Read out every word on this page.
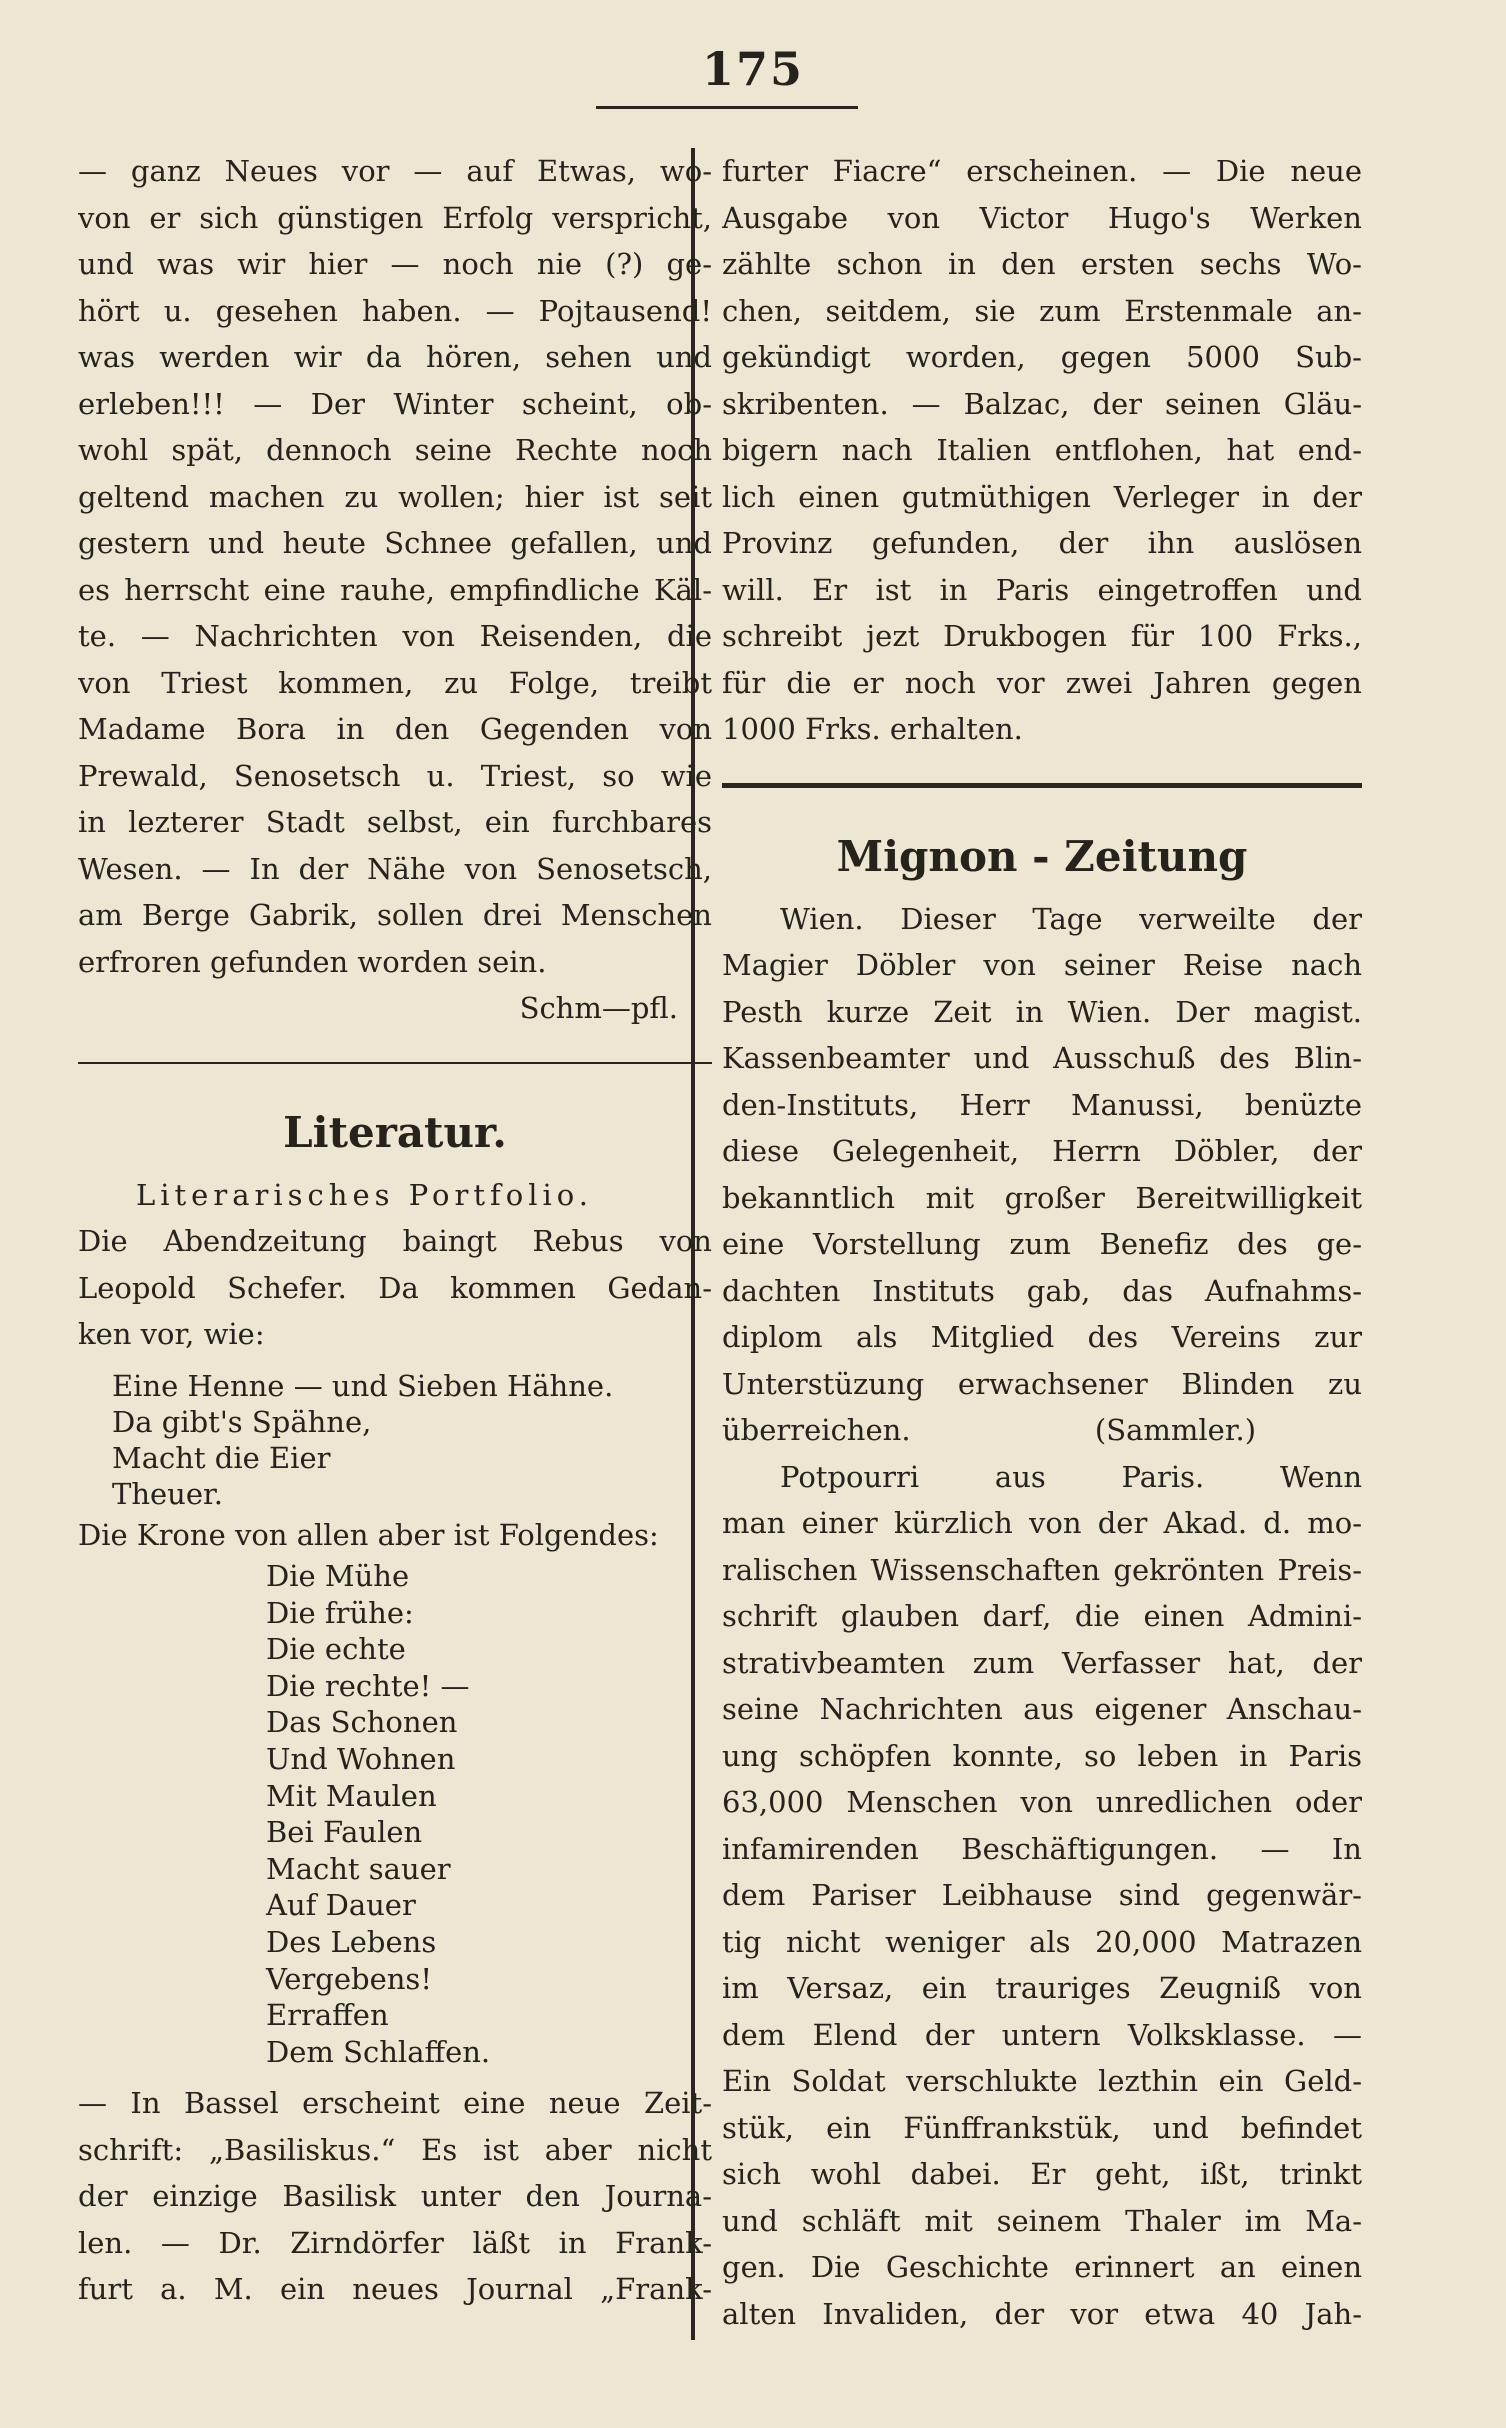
175
— ganz Neues vor — auf Etwas, wo-
von er sich günstigen Erfolg verspricht,
und was wir hier — noch nie (?) ge-
hört u. gesehen haben. — Pojtausend!
was werden wir da hören, sehen und
erleben!!! — Der Winter scheint, ob-
wohl spät, dennoch seine Rechte noch
geltend machen zu wollen; hier ist seit
gestern und heute Schnee gefallen, und
es herrscht eine rauhe, empfindliche Käl-
te. — Nachrichten von Reisenden, die
von Triest kommen, zu Folge, treibt
Madame Bora in den Gegenden von
Prewald, Senosetsch u. Triest, so wie
in lezterer Stadt selbst, ein furchbares
Wesen. — In der Nähe von Senosetsch,
am Berge Gabrik, sollen drei Menschen
erfroren gefunden worden sein.
Schm—pfl.
Literatur.
Literarisches Portfolio.
Die Abendzeitung baingt Rebus von
Leopold Schefer. Da kommen Gedan-
ken vor, wie:
Eine Henne — und Sieben Hähne.
Da gibt's Spähne,
Macht die Eier
Theuer.
Die Krone von allen aber ist Folgendes:
Die Mühe
Die frühe:
Die echte
Die rechte! —
Das Schonen
Und Wohnen
Mit Maulen
Bei Faulen
Macht sauer
Auf Dauer
Des Lebens
Vergebens!
Erraffen
Dem Schlaffen.
— In Bassel erscheint eine neue Zeit-
schrift: „Basiliskus.“ Es ist aber nicht
der einzige Basilisk unter den Journa-
len. — Dr. Zirndörfer läßt in Frank-
furt a. M. ein neues Journal „Frank-
furter Fiacre“ erscheinen. — Die neue
Ausgabe von Victor Hugo's Werken
zählte schon in den ersten sechs Wo-
chen, seitdem, sie zum Erstenmale an-
gekündigt worden, gegen 5000 Sub-
skribenten. — Balzac, der seinen Gläu-
bigern nach Italien entflohen, hat end-
lich einen gutmüthigen Verleger in der
Provinz gefunden, der ihn auslösen
will. Er ist in Paris eingetroffen und
schreibt jezt Drukbogen für 100 Frks.,
für die er noch vor zwei Jahren gegen
1000 Frks. erhalten.
Mignon - Zeitung
Wien. Dieser Tage verweilte der
Magier Döbler von seiner Reise nach
Pesth kurze Zeit in Wien. Der magist.
Kassenbeamter und Ausschuß des Blin-
den-Instituts, Herr Manussi, benüzte
diese Gelegenheit, Herrn Döbler, der
bekanntlich mit großer Bereitwilligkeit
eine Vorstellung zum Benefiz des ge-
dachten Instituts gab, das Aufnahms-
diplom als Mitglied des Vereins zur
Unterstüzung erwachsener Blinden zu
überreichen.                    (Sammler.)
Potpourri aus Paris. Wenn
man einer kürzlich von der Akad. d. mo-
ralischen Wissenschaften gekrönten Preis-
schrift glauben darf, die einen Admini-
strativbeamten zum Verfasser hat, der
seine Nachrichten aus eigener Anschau-
ung schöpfen konnte, so leben in Paris
63,000 Menschen von unredlichen oder
infamirenden Beschäftigungen. — In
dem Pariser Leibhause sind gegenwär-
tig nicht weniger als 20,000 Matrazen
im Versaz, ein trauriges Zeugniß von
dem Elend der untern Volksklasse. —
Ein Soldat verschlukte lezthin ein Geld-
stük, ein Fünffrankstük, und befindet
sich wohl dabei. Er geht, ißt, trinkt
und schläft mit seinem Thaler im Ma-
gen. Die Geschichte erinnert an einen
alten Invaliden, der vor etwa 40 Jah-
